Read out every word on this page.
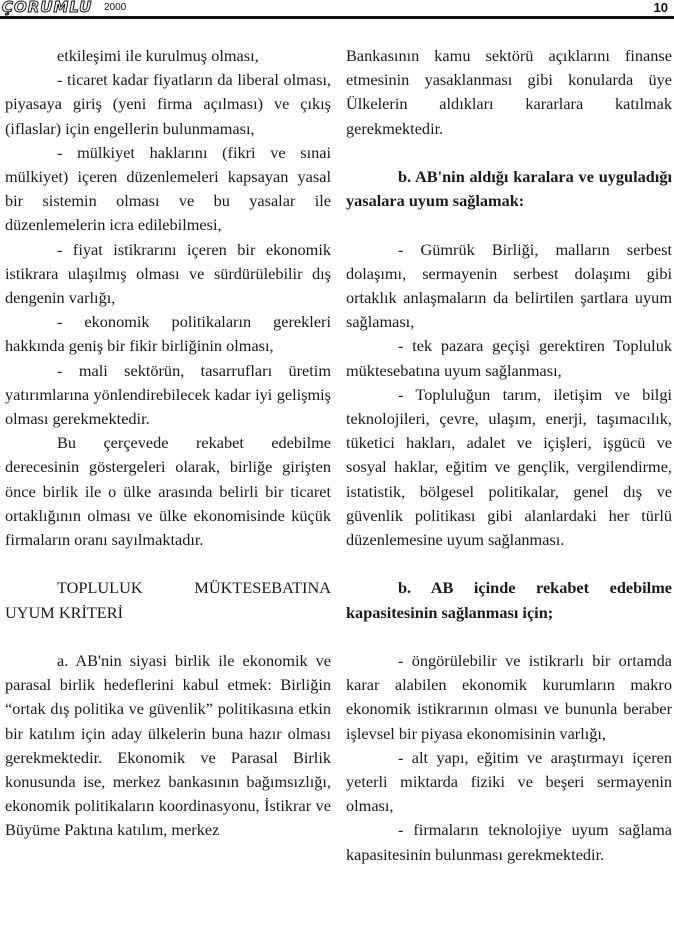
ÇORUMLU 2000	10

etkileşimi ile kurulmuş olması,

- ticaret kadar fiyatların da liberal olması, piyasaya giriş (yeni firma açılması) ve çıkış (iflaslar) için engellerin bulunmaması,

- mülkiyet haklarını (fikri ve sınai mülkiyet) içeren düzenlemeleri kapsayan yasal bir sistemin olması ve bu yasalar ile düzenlemelerin icra edilebilmesi,

- fiyat istikrarını içeren bir ekonomik istikrara ulaşılmış olması ve sürdürülebilir dış dengenin varlığı,

- ekonomik politikaların gerekleri hakkında geniş bir fikir birliğinin olması,

- mali sektörün, tasarrufları üretim yatırımlarına yönlendirebilecek kadar iyi gelişmiş olması gerekmektedir.

Bu çerçevede rekabet edebilme derecesinin göstergeleri olarak, birliğe girişten önce birlik ile o ülke arasında belirli bir ticaret ortaklığının olması ve ülke ekonomisinde küçük firmaların oranı sayılmaktadır.

TOPLULUK MÜKTESEBATINA UYUM KRİTERİ

a. AB'nin siyasi birlik ile ekonomik ve parasal birlik hedeflerini kabul etmek: Birliğin “ortak dış politika ve güvenlik” politikasına etkin bir katılım için aday ülkelerin buna hazır olması gerekmektedir. Ekonomik ve Parasal Birlik konusunda ise, merkez bankasının bağımsızlığı, ekonomik politikaların koordinasyonu, İstikrar ve Büyüme Paktına katılım, merkez

Bankasının kamu sektörü açıklarını finanse etmesinin yasaklanması gibi konularda üye Ülkelerin aldıkları kararlara katılmak gerekmektedir.

b. AB'nin aldığı karalara ve uyguladığı yasalara uyum sağlamak:

- Gümrük Birliği, malların serbest dolaşımı, sermayenin serbest dolaşımı gibi ortaklık anlaşmaların da belirtilen şartlara uyum sağlaması,

- tek pazara geçişi gerektiren Topluluk müktesebatına uyum sağlanması,

- Topluluğun tarım, iletişim ve bilgi teknolojileri, çevre, ulaşım, enerji, taşımacılık, tüketici hakları, adalet ve içişleri, işgücü ve sosyal haklar, eğitim ve gençlik, vergilendirme, istatistik, bölgesel politikalar, genel dış ve güvenlik politikası gibi alanlardaki her türlü düzenlemesine uyum sağlanması.

b. AB içinde rekabet edebilme kapasitesinin sağlanması için;

- öngörülebilir ve istikrarlı bir ortamda karar alabilen ekonomik kurumların makro ekonomik istikrarının olması ve bununla beraber işlevsel bir piyasa ekonomisinin varlığı,

- alt yapı, eğitim ve araştırmayı içeren yeterli miktarda fiziki ve beşeri sermayenin olması,

- firmaların teknolojiye uyum sağlama kapasitesinin bulunması gerekmektedir.
